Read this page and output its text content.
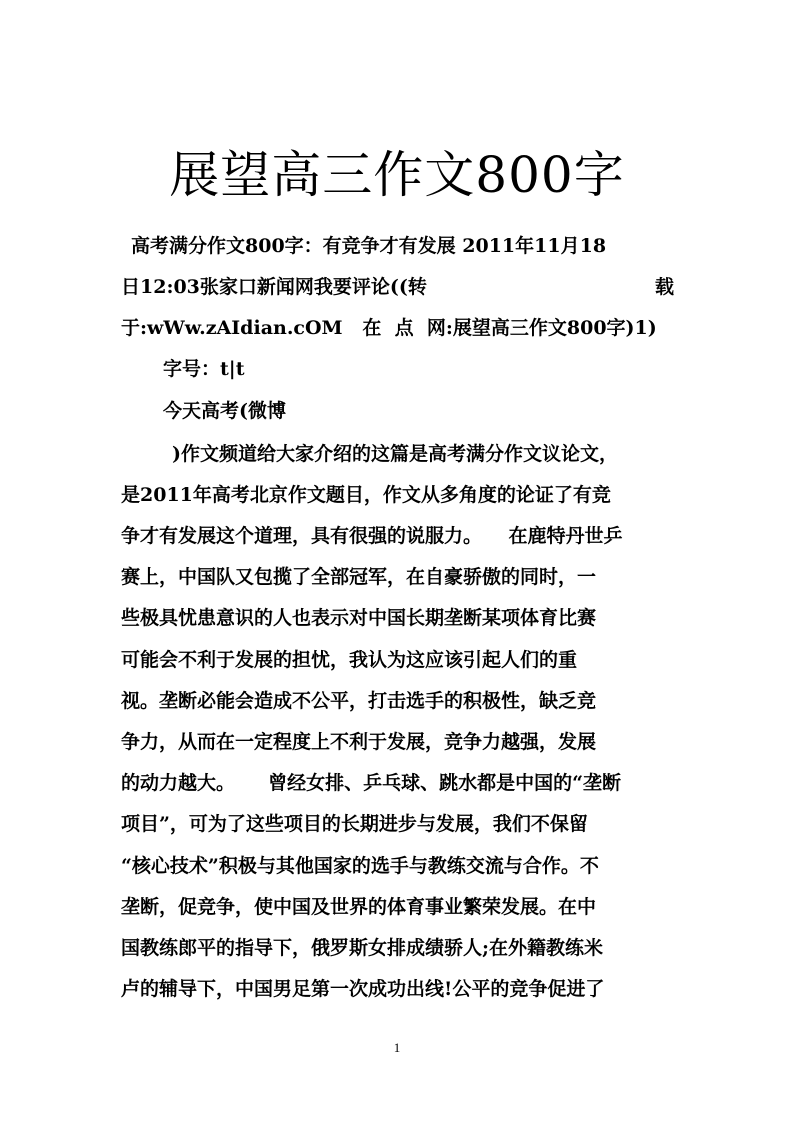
展望高三作文800字
高考满分作文800字：有竞争才有发展 2011年11月18
日12:03张家口新闻网我要评论((转	载
于:wWw.zAIdian.cOM   在  点  网:展望高三作文800字)1)
字号：t|t
今天高考(微博
)作文频道给大家介绍的这篇是高考满分作文议论文，
是2011年高考北京作文题目，作文从多角度的论证了有竞
争才有发展这个道理，具有很强的说服力。    在鹿特丹世乒
赛上，中国队又包揽了全部冠军，在自豪骄傲的同时，一
些极具忧患意识的人也表示对中国长期垄断某项体育比赛
可能会不利于发展的担忧，我认为这应该引起人们的重
视。垄断必能会造成不公平，打击选手的积极性，缺乏竞
争力，从而在一定程度上不利于发展，竞争力越强，发展
的动力越大。     曾经女排、乒乓球、跳水都是中国的“垄断
项目”，可为了这些项目的长期进步与发展，我们不保留
“核心技术”积极与其他国家的选手与教练交流与合作。不
垄断，促竞争，使中国及世界的体育事业繁荣发展。在中
国教练郎平的指导下，俄罗斯女排成绩骄人;在外籍教练米
卢的辅导下，中国男足第一次成功出线!公平的竞争促进了
1
